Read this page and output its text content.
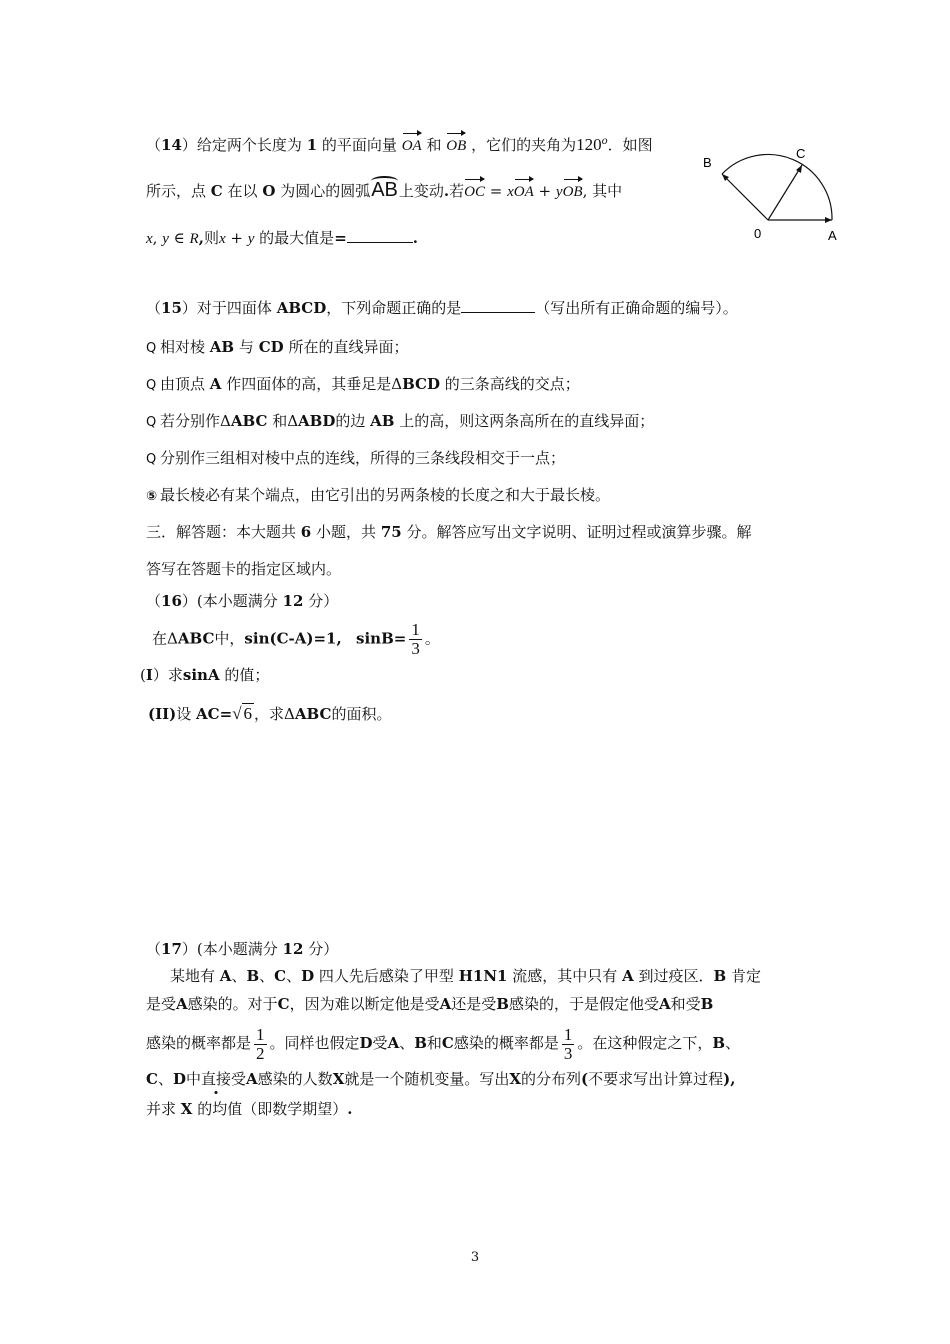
（14）给定两个长度为 1 的平面向量 OA 和 OB ，它们的夹角为120$^o$．如图
所示，点 C 在以 O 为圆心的圆弧AB上变动.若OC = xOA + yOB, 其中
x, y ∈ R,则x + y 的最大值是=	.
B
C
0	A
（15）对于四面体 ABCD，下列命题正确的是	（写出所有正确命题的编号）。
Q 相对棱 AB 与 CD 所在的直线异面；
Q 由顶点 A 作四面体的高，其垂足是ΔBCD 的三条高线的交点；
Q 若分别作ΔABC 和ΔABD的边 AB 上的高，则这两条高所在的直线异面；
Q 分别作三组相对棱中点的连线，所得的三条线段相交于一点；
⑤ 最长棱必有某个端点，由它引出的另两条棱的长度之和大于最长棱。
三．解答题：本大题共 6 小题，共 75 分。解答应写出文字说明、证明过程或演算步骤。解
答写在答题卡的指定区域内。
（16）(本小题满分 12 分）
在ΔABC中，sin(C-A)=1, $\sin B= \frac{1}{3}$ 。
(I）求sinA 的值；
(II)设 AC=√ 6 ，求ΔABC的面积。
（17）(本小题满分 12 分）
某地有 A、B、C、D 四人先后感染了甲型 H1N1 流感，其中只有 A 到过疫区．B 肯定
是受A感染的。对于C，因为难以断定他是受A还是受B感染的，于是假定他受A和受B
感染的概率都是 $\frac{1}{2}$ 。同样也假定D受A、B和C感染的概率都是 $\frac{1}{3}$ 。在这种假定之下，B、
C、D中直接受A感染的人数X就是一个随机变量。写出X的分布列(不要求写出计算过程),
并求 X 的均值（即数学期望）.
3
